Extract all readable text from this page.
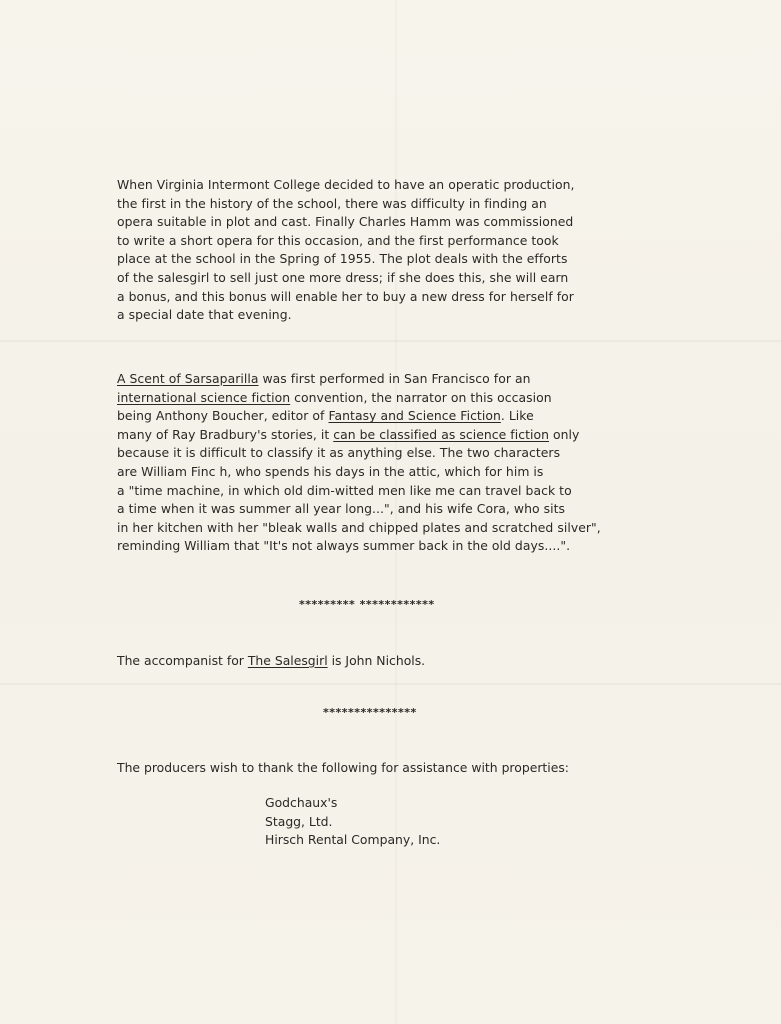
When Virginia Intermont College decided to have an operatic production,
the first in the history of the school, there was difficulty in finding an
opera suitable in plot and cast. Finally Charles Hamm was commissioned
to write a short opera for this occasion, and the first performance took
place at the school in the Spring of 1955. The plot deals with the efforts
of the salesgirl to sell just one more dress; if she does this, she will earn
a bonus, and this bonus will enable her to buy a new dress for herself for
a special date that evening.
A Scent of Sarsaparilla was first performed in San Francisco for an
international science fiction convention, the narrator on this occasion
being Anthony Boucher, editor of Fantasy and Science Fiction. Like
many of Ray Bradbury's stories, it can be classified as science fiction only
because it is difficult to classify it as anything else. The two characters
are William Finc h, who spends his days in the attic, which for him is
a "time machine, in which old dim-witted men like me can travel back to
a time when it was summer all year long...", and his wife Cora, who sits
in her kitchen with her "bleak walls and chipped plates and scratched silver",
reminding William that "It's not always summer back in the old days....".
********* ************
The accompanist for The Salesgirl is John Nichols.
***************
The producers wish to thank the following for assistance with properties:
Godchaux's
Stagg, Ltd.
Hirsch Rental Company, Inc.
